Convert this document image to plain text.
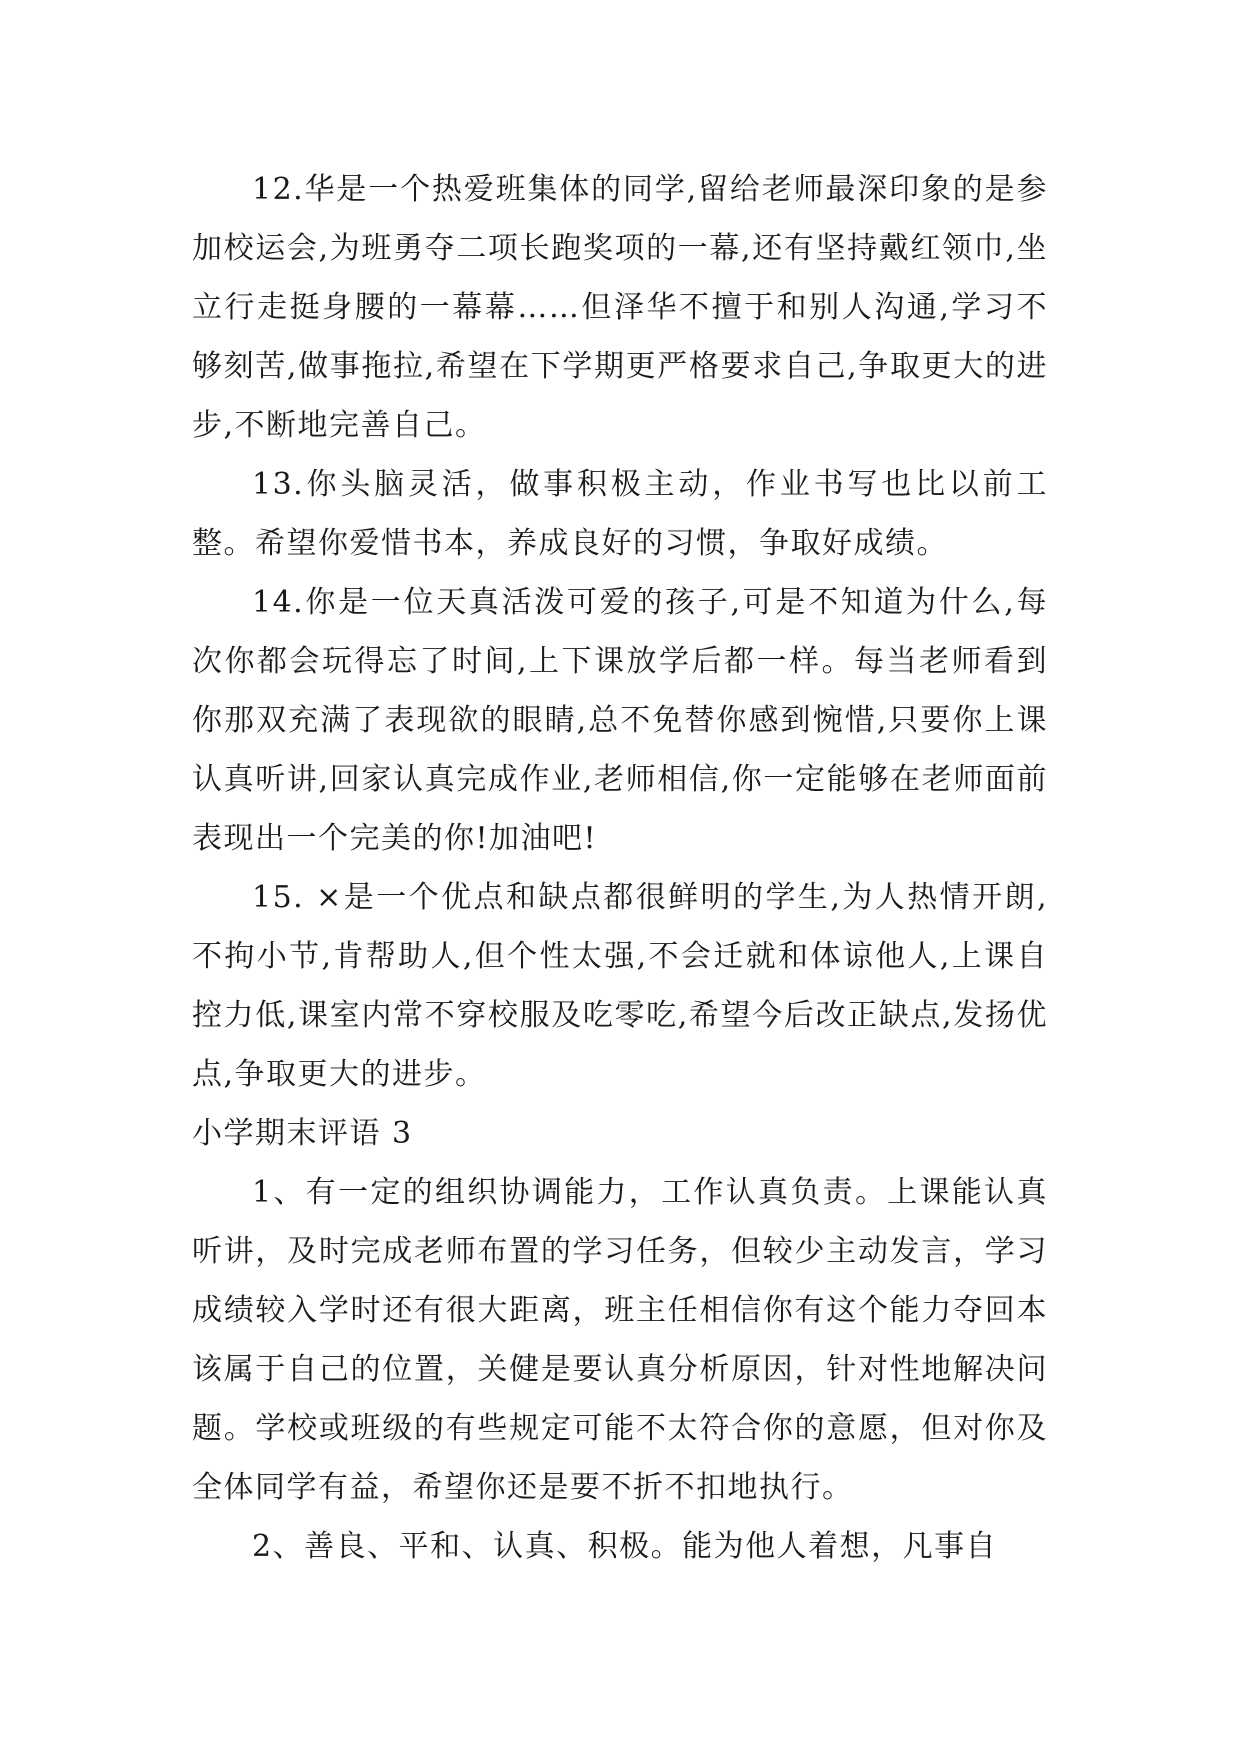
12.华是一个热爱班集体的同学,留给老师最深印象的是参加校运会,为班勇夺二项长跑奖项的一幕,还有坚持戴红领巾,坐立行走挺身腰的一幕幕……但泽华不擅于和别人沟通,学习不够刻苦,做事拖拉,希望在下学期更严格要求自己,争取更大的进步,不断地完善自己。

13.你头脑灵活，做事积极主动，作业书写也比以前工整。希望你爱惜书本，养成良好的习惯，争取好成绩。

14.你是一位天真活泼可爱的孩子,可是不知道为什么,每次你都会玩得忘了时间,上下课放学后都一样。每当老师看到你那双充满了表现欲的眼睛,总不免替你感到惋惜,只要你上课认真听讲,回家认真完成作业,老师相信,你一定能够在老师面前表现出一个完美的你!加油吧!

15. ×是一个优点和缺点都很鲜明的学生,为人热情开朗,不拘小节,肯帮助人,但个性太强,不会迁就和体谅他人,上课自控力低,课室内常不穿校服及吃零吃,希望今后改正缺点,发扬优点,争取更大的进步。

小学期末评语 3

1、有一定的组织协调能力，工作认真负责。上课能认真听讲，及时完成老师布置的学习任务，但较少主动发言，学习成绩较入学时还有很大距离，班主任相信你有这个能力夺回本该属于自己的位置，关健是要认真分析原因，针对性地解决问题。学校或班级的有些规定可能不太符合你的意愿，但对你及全体同学有益，希望你还是要不折不扣地执行。

2、善良、平和、认真、积极。能为他人着想，凡事自
